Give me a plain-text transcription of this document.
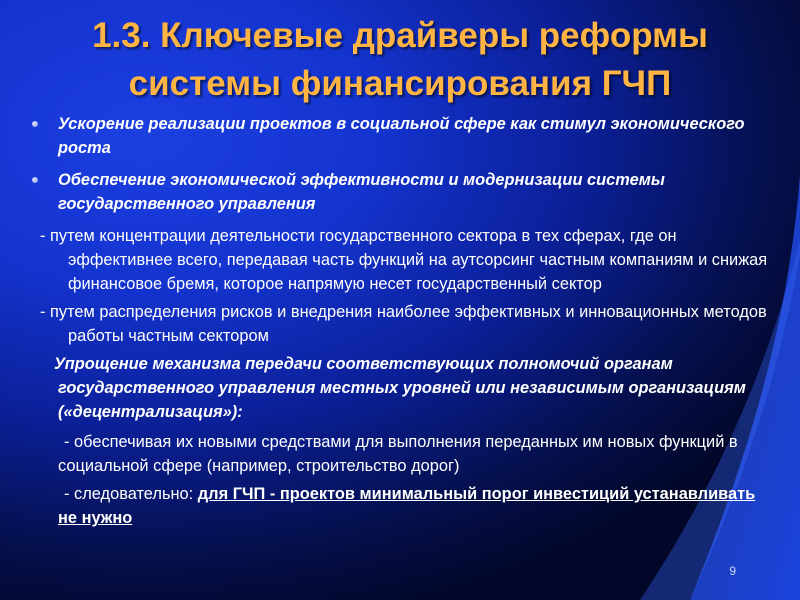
1.3. Ключевые драйверы реформы
системы финансирования ГЧП
Ускорение реализации проектов в социальной сфере как стимул экономического роста
Обеспечение экономической эффективности и модернизации системы государственного управления
- путем концентрации деятельности государственного сектора в тех сферах, где он эффективнее всего, передавая часть функций на аутсорсинг частным компаниям и снижая финансовое бремя, которое напрямую несет государственный сектор
- путем распределения рисков и внедрения наиболее эффективных и инновационных методов работы частным сектором
Упрощение механизма передачи соответствующих полномочий органам государственного управления местных уровней или независимым организациям («децентрализация»):
- обеспечивая их новыми средствами для выполнения переданных им новых функций в социальной сфере (например, строительство дорог)
- следовательно: для ГЧП - проектов минимальный порог инвестиций устанавливать не нужно
9
